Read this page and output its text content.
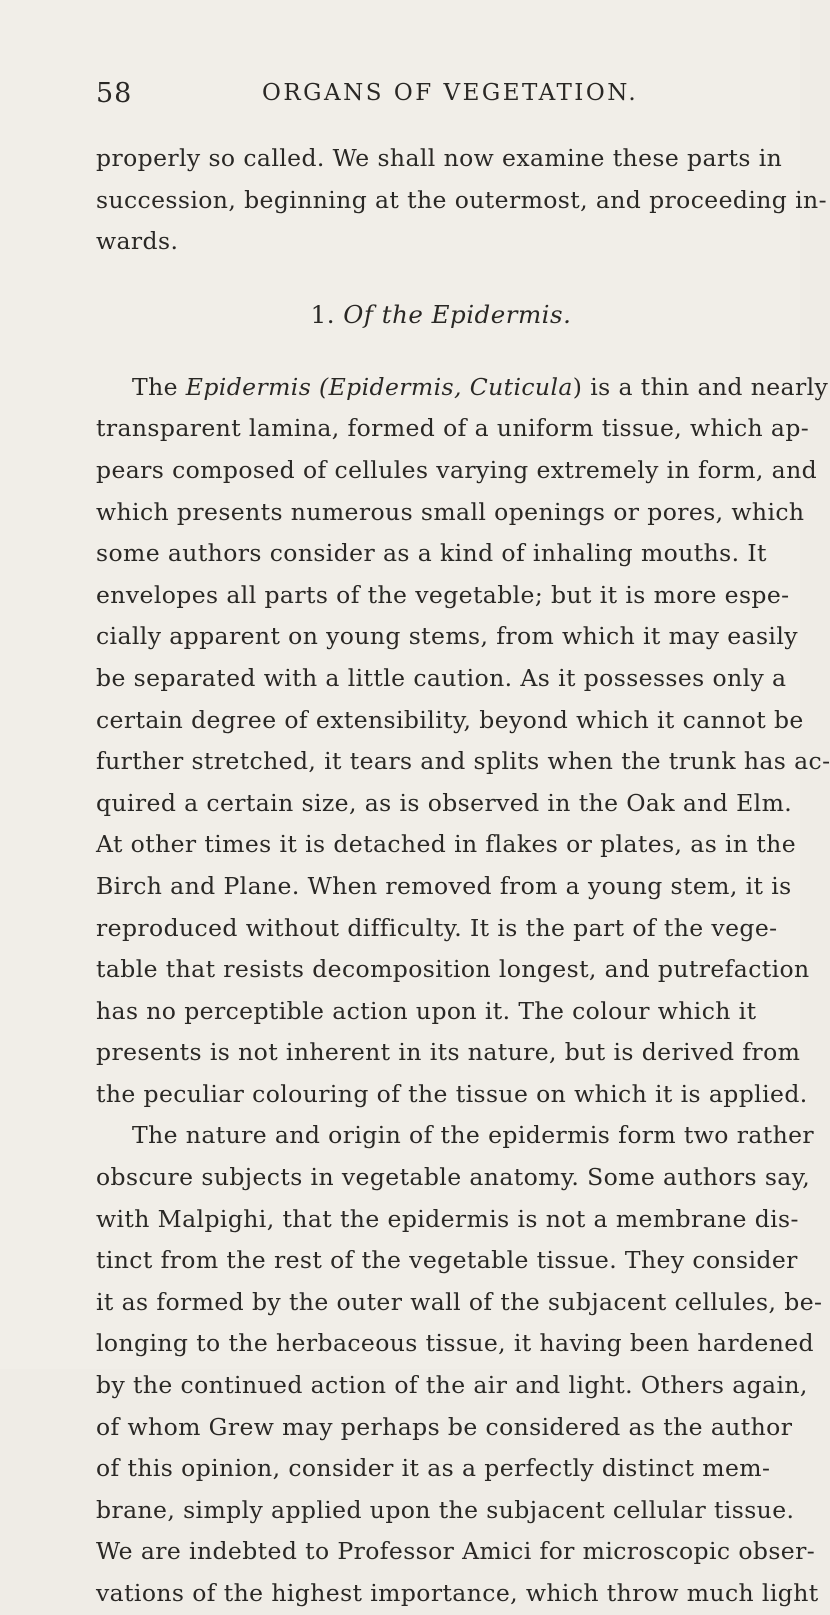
58	ORGANS OF VEGETATION.
properly so called. We shall now examine these parts in
succession, beginning at the outermost, and proceeding in-
wards.
1. Of the Epidermis.
The Epidermis (Epidermis, Cuticula) is a thin and nearly
transparent lamina, formed of a uniform tissue, which ap-
pears composed of cellules varying extremely in form, and
which presents numerous small openings or pores, which
some authors consider as a kind of inhaling mouths. It
envelopes all parts of the vegetable; but it is more espe-
cially apparent on young stems, from which it may easily
be separated with a little caution. As it possesses only a
certain degree of extensibility, beyond which it cannot be
further stretched, it tears and splits when the trunk has ac-
quired a certain size, as is observed in the Oak and Elm.
At other times it is detached in flakes or plates, as in the
Birch and Plane. When removed from a young stem, it is
reproduced without difficulty. It is the part of the vege-
table that resists decomposition longest, and putrefaction
has no perceptible action upon it. The colour which it
presents is not inherent in its nature, but is derived from
the peculiar colouring of the tissue on which it is applied.
The nature and origin of the epidermis form two rather
obscure subjects in vegetable anatomy. Some authors say,
with Malpighi, that the epidermis is not a membrane dis-
tinct from the rest of the vegetable tissue. They consider
it as formed by the outer wall of the subjacent cellules, be-
longing to the herbaceous tissue, it having been hardened
by the continued action of the air and light. Others again,
of whom Grew may perhaps be considered as the author
of this opinion, consider it as a perfectly distinct mem-
brane, simply applied upon the subjacent cellular tissue.
We are indebted to Professor Amici for microscopic obser-
vations of the highest importance, which throw much light
